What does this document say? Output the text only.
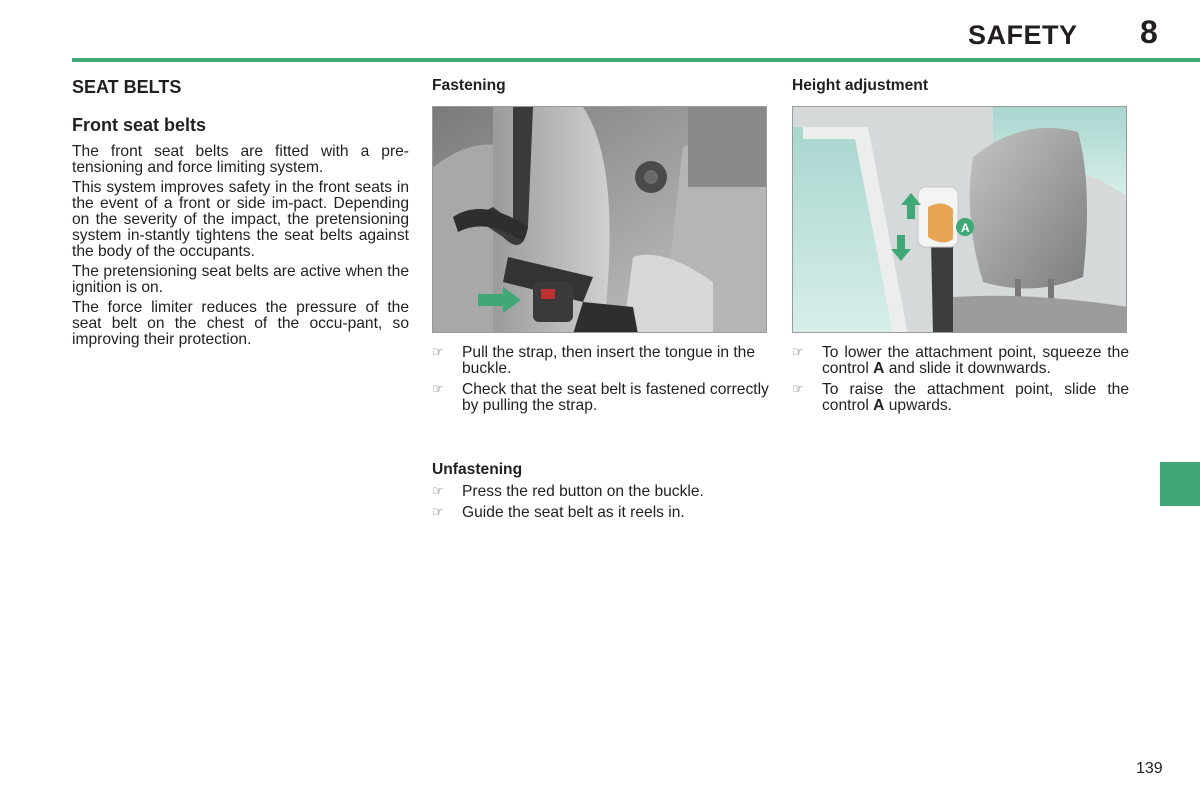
SAFETY 8
SEAT BELTS
Front seat belts

The front seat belts are fitted with a pre-tensioning and force limiting system.

This system improves safety in the front seats in the event of a front or side im-pact. Depending on the severity of the impact, the pretensioning system in-stantly tightens the seat belts against the body of the occupants.

The pretensioning seat belts are active when the ignition is on.

The force limiter reduces the pressure of the seat belt on the chest of the occu-pant, so improving their protection.

Fastening
☞ Pull the strap, then insert the tongue in the buckle.
☞ Check that the seat belt is fastened correctly by pulling the strap.
Unfastening
☞ Press the red button on the buckle.
☞ Guide the seat belt as it reels in.
Height adjustment
A
☞ To lower the attachment point, squeeze the control A and slide it downwards.
☞ To raise the attachment point, slide the control A upwards.
139
